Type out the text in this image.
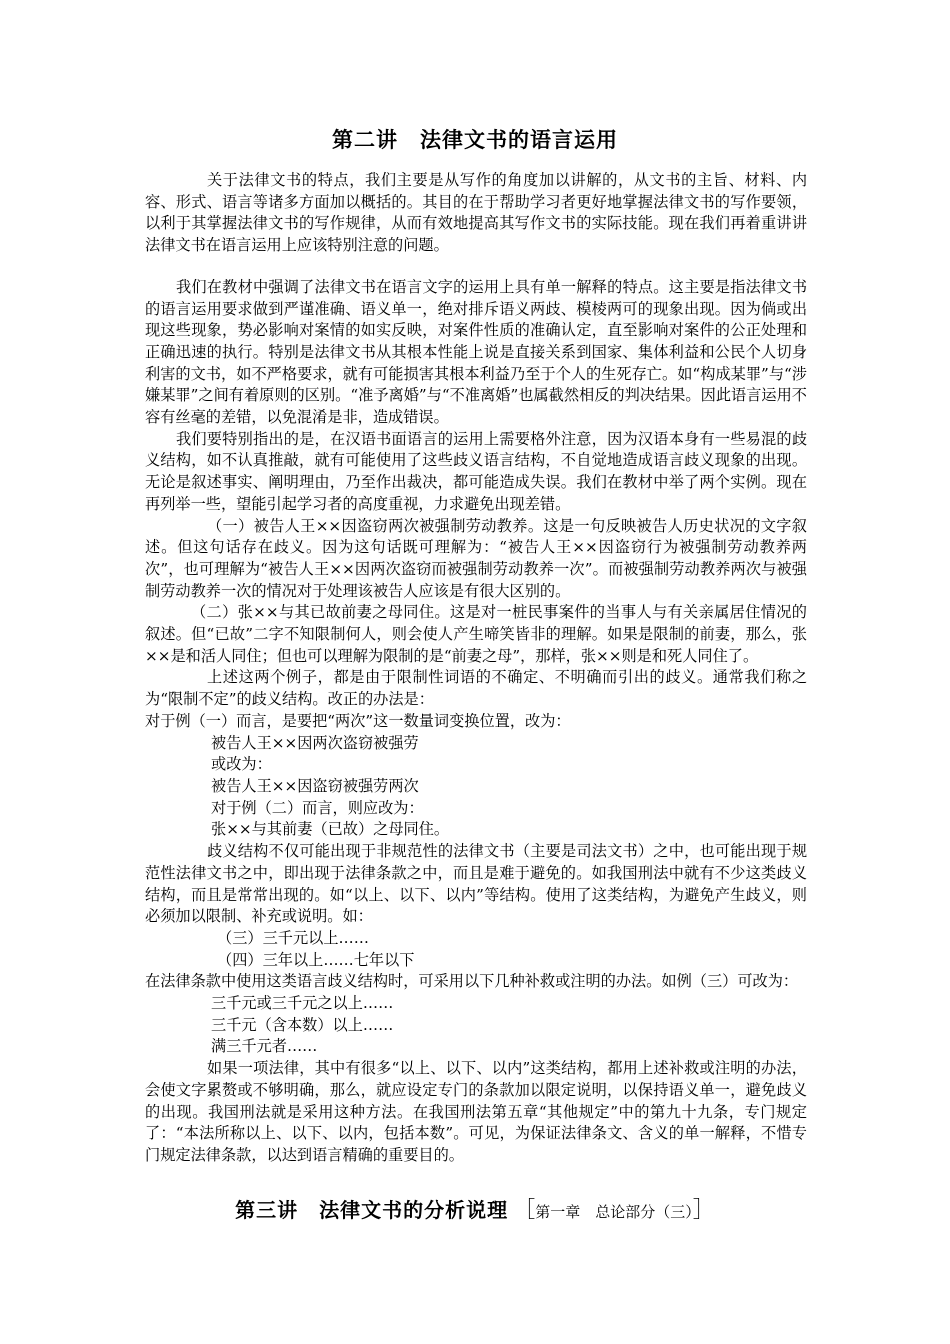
第二讲　法律文书的语言运用

关于法律文书的特点，我们主要是从写作的角度加以讲解的，从文书的主旨、材料、内容、形式、语言等诸多方面加以概括的。其目的在于帮助学习者更好地掌握法律文书的写作要领，以利于其掌握法律文书的写作规律，从而有效地提高其写作文书的实际技能。现在我们再着重讲讲法律文书在语言运用上应该特别注意的问题。

我们在教材中强调了法律文书在语言文字的运用上具有单一解释的特点。这主要是指法律文书的语言运用要求做到严谨准确、语义单一，绝对排斥语义两歧、模棱两可的现象出现。因为倘或出现这些现象，势必影响对案情的如实反映，对案件性质的准确认定，直至影响对案件的公正处理和正确迅速的执行。特别是法律文书从其根本性能上说是直接关系到国家、集体利益和公民个人切身利害的文书，如不严格要求，就有可能损害其根本利益乃至于个人的生死存亡。如“构成某罪”与“涉嫌某罪”之间有着原则的区别。“准予离婚”与“不准离婚”也属截然相反的判决结果。因此语言运用不容有丝毫的差错，以免混淆是非，造成错误。

我们要特别指出的是，在汉语书面语言的运用上需要格外注意，因为汉语本身有一些易混的歧义结构，如不认真推敲，就有可能使用了这些歧义语言结构，不自觉地造成语言歧义现象的出现。无论是叙述事实、阐明理由，乃至作出裁决，都可能造成失误。我们在教材中举了两个实例。现在再列举一些，望能引起学习者的高度重视，力求避免出现差错。

（一）被告人王××因盗窃两次被强制劳动教养。这是一句反映被告人历史状况的文字叙述。但这句话存在歧义。因为这句话既可理解为：“被告人王××因盗窃行为被强制劳动教养两次”，也可理解为“被告人王××因两次盗窃而被强制劳动教养一次”。而被强制劳动教养两次与被强制劳动教养一次的情况对于处理该被告人应该是有很大区别的。

（二）张××与其已故前妻之母同住。这是对一桩民事案件的当事人与有关亲属居住情况的叙述。但“已故”二字不知限制何人，则会使人产生啼笑皆非的理解。如果是限制的前妻，那么，张××是和活人同住；但也可以理解为限制的是“前妻之母”，那样，张××则是和死人同住了。

上述这两个例子，都是由于限制性词语的不确定、不明确而引出的歧义。通常我们称之为“限制不定”的歧义结构。改正的办法是：

对于例（一）而言，是要把“两次”这一数量词变换位置，改为：

被告人王××因两次盗窃被强劳

或改为：

被告人王××因盗窃被强劳两次

对于例（二）而言，则应改为：

张××与其前妻（已故）之母同住。

歧义结构不仅可能出现于非规范性的法律文书（主要是司法文书）之中，也可能出现于规范性法律文书之中，即出现于法律条款之中，而且是难于避免的。如我国刑法中就有不少这类歧义结构，而且是常常出现的。如“以上、以下、以内”等结构。使用了这类结构，为避免产生歧义，则必须加以限制、补充或说明。如：

（三）三千元以上……

（四）三年以上……七年以下

在法律条款中使用这类语言歧义结构时，可采用以下几种补救或注明的办法。如例（三）可改为：

三千元或三千元之以上……

三千元（含本数）以上……

满三千元者……

如果一项法律，其中有很多“以上、以下、以内”这类结构，都用上述补救或注明的办法，会使文字累赘或不够明确，那么，就应设定专门的条款加以限定说明，以保持语义单一，避免歧义的出现。我国刑法就是采用这种方法。在我国刑法第五章“其他规定”中的第九十九条，专门规定了：“本法所称以上、以下、以内，包括本数”。可见，为保证法律条文、含义的单一解释，不惜专门规定法律条款，以达到语言精确的重要目的。

第三讲　法律文书的分析说理 ［第一章　总论部分（三）］
